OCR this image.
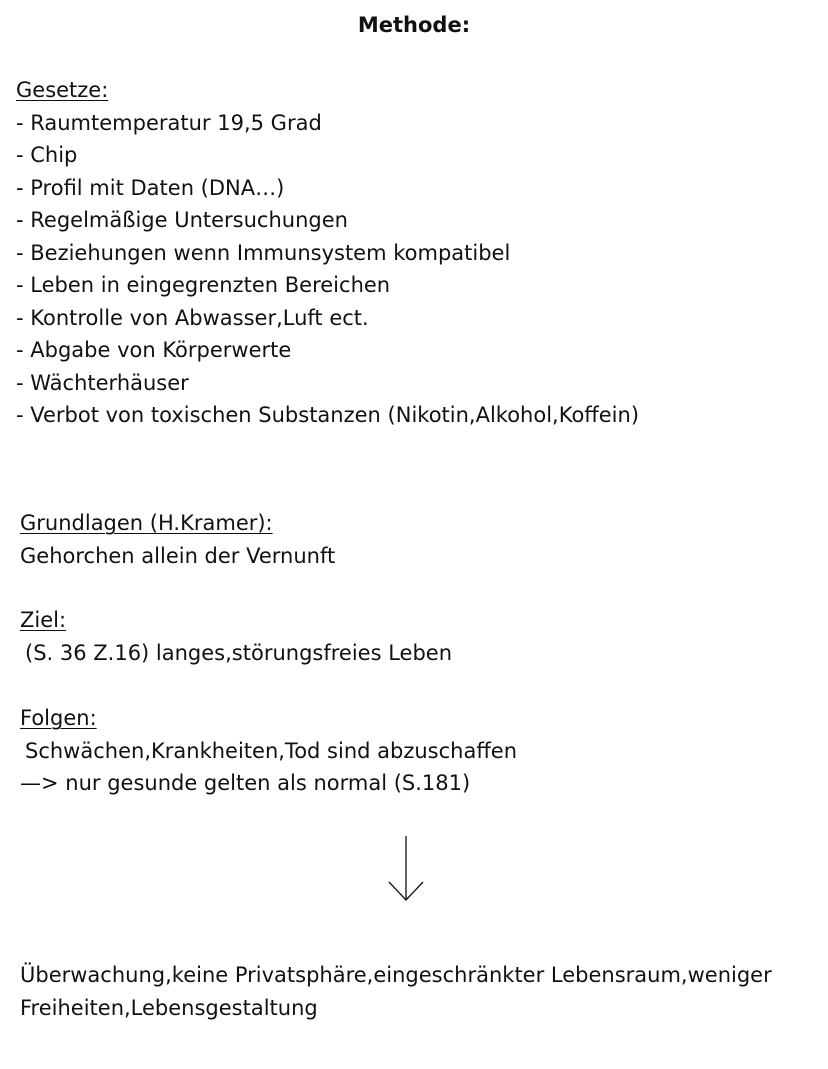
Methode:
Gesetze:
- Raumtemperatur 19,5 Grad
- Chip
- Profil mit Daten (DNA…)
- Regelmäßige Untersuchungen
- Beziehungen wenn Immunsystem kompatibel
- Leben in eingegrenzten Bereichen
- Kontrolle von Abwasser,Luft ect.
- Abgabe von Körperwerte
- Wächterhäuser
- Verbot von toxischen Substanzen (Nikotin,Alkohol,Koffein)
Grundlagen (H.Kramer):
Gehorchen allein der Vernunft
Ziel:
(S. 36 Z.16) langes,störungsfreies Leben
Folgen:
Schwächen,Krankheiten,Tod sind abzuschaffen
—> nur gesunde gelten als normal (S.181)
Überwachung,keine Privatsphäre,eingeschränkter Lebensraum,weniger
Freiheiten,Lebensgestaltung
